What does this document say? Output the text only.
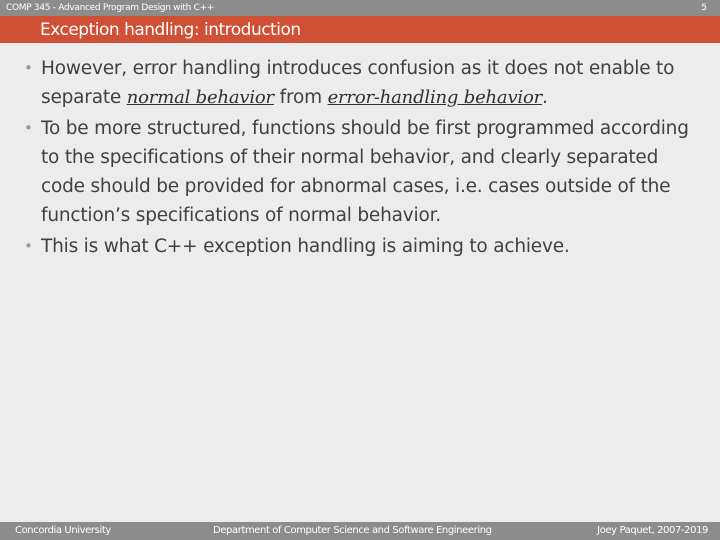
COMP 345 - Advanced Program Design with C++	5
Exception handling: introduction
• However, error handling introduces confusion as it does not enable to separate normal behavior from error-handling behavior.
• To be more structured, functions should be first programmed according to the specifications of their normal behavior, and clearly separated code should be provided for abnormal cases, i.e. cases outside of the function’s specifications of normal behavior.
• This is what C++ exception handling is aiming to achieve.
Concordia University	Department of Computer Science and Software Engineering	Joey Paquet, 2007-2019
